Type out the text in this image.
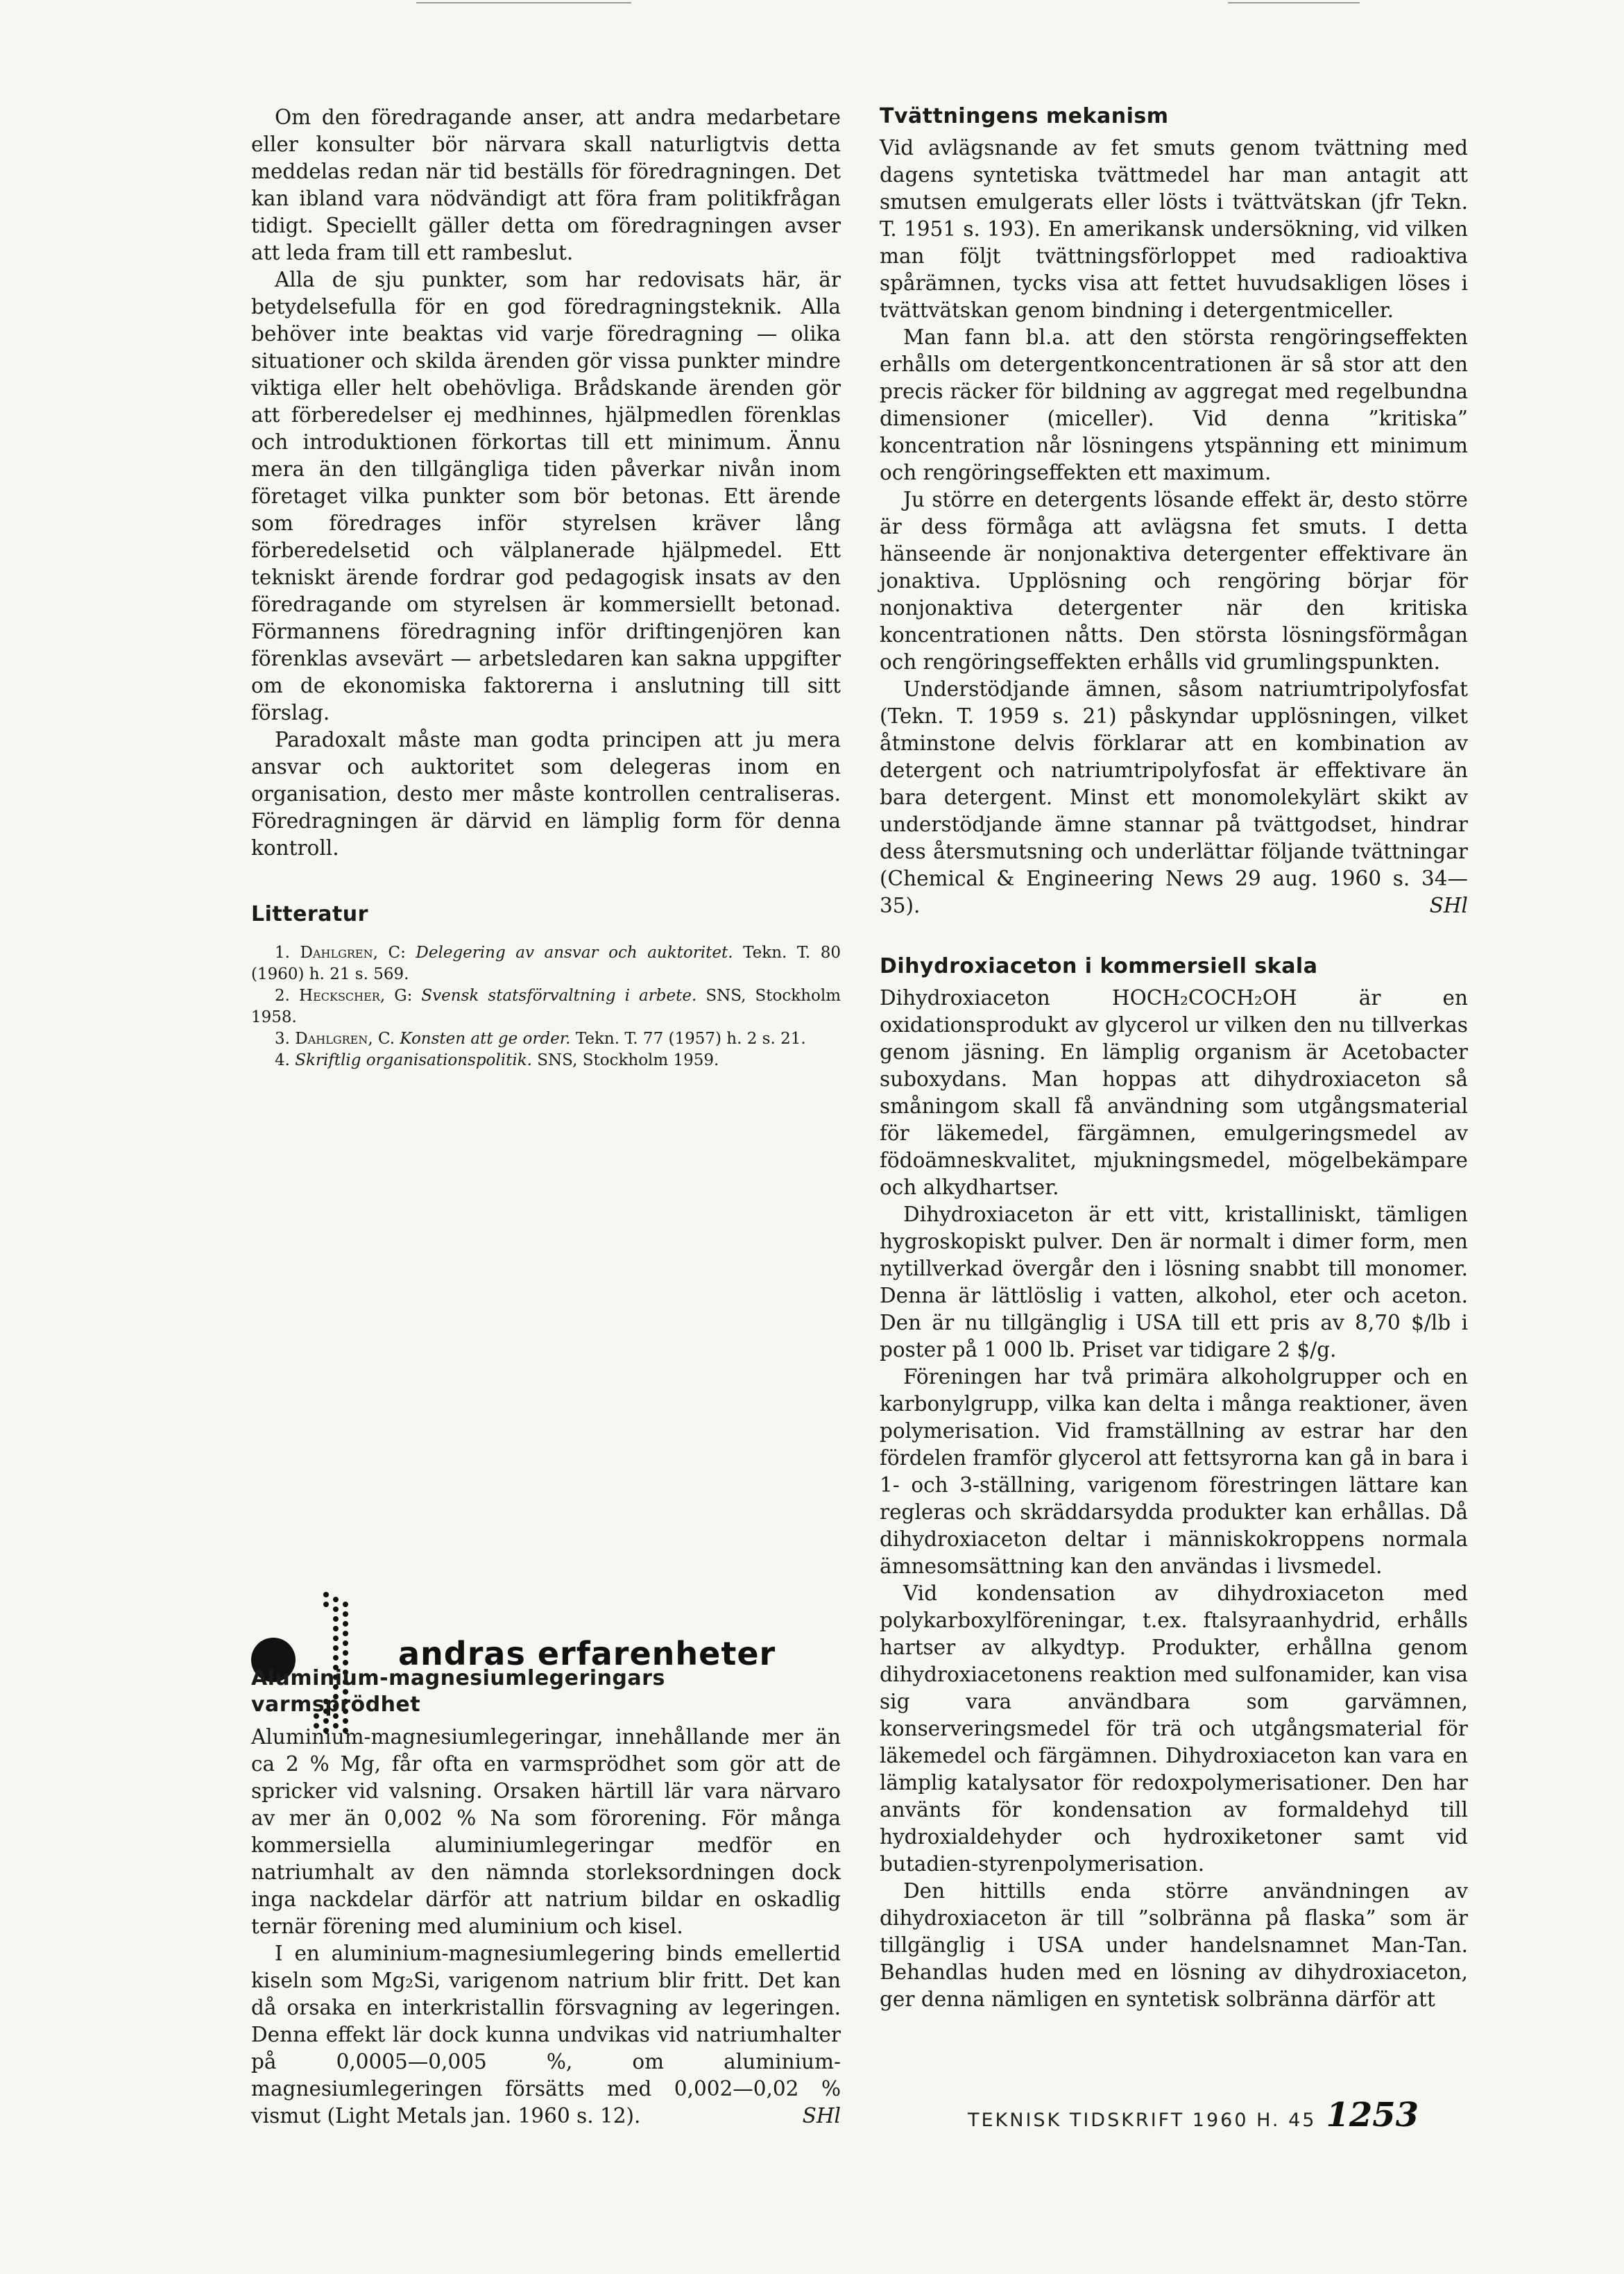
Om den föredragande anser, att andra medarbetare eller konsulter bör närvara skall naturligtvis detta meddelas redan när tid beställs för föredragningen. Det kan ibland vara nödvändigt att föra fram politikfrågan tidigt. Speciellt gäller detta om föredragningen avser att leda fram till ett rambeslut.

Alla de sju punkter, som har redovisats här, är betydelsefulla för en god föredragningsteknik. Alla behöver inte beaktas vid varje föredragning — olika situationer och skilda ärenden gör vissa punkter mindre viktiga eller helt obehövliga. Brådskande ärenden gör att förberedelser ej medhinnes, hjälpmedlen förenklas och introduktionen förkortas till ett minimum. Ännu mera än den tillgängliga tiden påverkar nivån inom företaget vilka punkter som bör betonas. Ett ärende som föredrages inför styrelsen kräver lång förberedelsetid och välplanerade hjälpmedel. Ett tekniskt ärende fordrar god pedagogisk insats av den föredragande om styrelsen är kommersiellt betonad. Förmannens föredragning inför driftingenjören kan förenklas avsevärt — arbetsledaren kan sakna uppgifter om de ekonomiska faktorerna i anslutning till sitt förslag.

Paradoxalt måste man godta principen att ju mera ansvar och auktoritet som delegeras inom en organisation, desto mer måste kontrollen centraliseras. Föredragningen är därvid en lämplig form för denna kontroll.

Litteratur

1. Dahlgren, C: Delegering av ansvar och auktoritet. Tekn. T. 80 (1960) h. 21 s. 569.

2. Heckscher, G: Svensk statsförvaltning i arbete. SNS, Stockholm 1958.

3. Dahlgren, C. Konsten att ge order. Tekn. T. 77 (1957) h. 2 s. 21.

4. Skriftlig organisationspolitik. SNS, Stockholm 1959.

andras erfarenheter
Aluminium-magnesiumlegeringars varmsprödhet

Aluminium-magnesiumlegeringar, innehållande mer än ca 2 % Mg, får ofta en varmsprödhet som gör att de spricker vid valsning. Orsaken härtill lär vara närvaro av mer än 0,002 % Na som förorening. För många kommersiella aluminiumlegeringar medför en natriumhalt av den nämnda storleksordningen dock inga nackdelar därför att natrium bildar en oskadlig ternär förening med aluminium och kisel.

I en aluminium-magnesiumlegering binds emellertid kiseln som Mg₂Si, varigenom natrium blir fritt. Det kan då orsaka en interkristallin försvagning av legeringen. Denna effekt lär dock kunna undvikas vid natriumhalter på 0,0005—0,005 %, om aluminium-magnesiumlegeringen försätts med 0,002—0,02 % vismut (Light Metals jan. 1960 s. 12).	SHl

Tvättningens mekanism

Vid avlägsnande av fet smuts genom tvättning med dagens syntetiska tvättmedel har man antagit att smutsen emulgerats eller lösts i tvättvätskan (jfr Tekn. T. 1951 s. 193). En amerikansk undersökning, vid vilken man följt tvättningsförloppet med radioaktiva spårämnen, tycks visa att fettet huvudsakligen löses i tvättvätskan genom bindning i detergentmiceller.

Man fann bl.a. att den största rengöringseffekten erhålls om detergentkoncentrationen är så stor att den precis räcker för bildning av aggregat med regelbundna dimensioner (miceller). Vid denna ”kritiska” koncentration når lösningens ytspänning ett minimum och rengöringseffekten ett maximum.

Ju större en detergents lösande effekt är, desto större är dess förmåga att avlägsna fet smuts. I detta hänseende är nonjonaktiva detergenter effektivare än jonaktiva. Upplösning och rengöring börjar för nonjonaktiva detergenter när den kritiska koncentrationen nåtts. Den största lösningsförmågan och rengöringseffekten erhålls vid grumlingspunkten.

Understödjande ämnen, såsom natriumtripolyfosfat (Tekn. T. 1959 s. 21) påskyndar upplösningen, vilket åtminstone delvis förklarar att en kombination av detergent och natriumtripolyfosfat är effektivare än bara detergent. Minst ett monomolekylärt skikt av understödjande ämne stannar på tvättgodset, hindrar dess återsmutsning och underlättar följande tvättningar (Chemical & Engineering News 29 aug. 1960 s. 34—35).	SHl

Dihydroxiaceton i kommersiell skala

Dihydroxiaceton HOCH₂COCH₂OH är en oxidationsprodukt av glycerol ur vilken den nu tillverkas genom jäsning. En lämplig organism är Acetobacter suboxydans. Man hoppas att dihydroxiaceton så småningom skall få användning som utgångsmaterial för läkemedel, färgämnen, emulgeringsmedel av födoämneskvalitet, mjukningsmedel, mögelbekämpare och alkydhartser.

Dihydroxiaceton är ett vitt, kristalliniskt, tämligen hygroskopiskt pulver. Den är normalt i dimer form, men nytillverkad övergår den i lösning snabbt till monomer. Denna är lättlöslig i vatten, alkohol, eter och aceton. Den är nu tillgänglig i USA till ett pris av 8,70 $/lb i poster på 1 000 lb. Priset var tidigare 2 $/g.

Föreningen har två primära alkoholgrupper och en karbonylgrupp, vilka kan delta i många reaktioner, även polymerisation. Vid framställning av estrar har den fördelen framför glycerol att fettsyrorna kan gå in bara i 1- och 3-ställning, varigenom förestringen lättare kan regleras och skräddarsydda produkter kan erhållas. Då dihydroxiaceton deltar i människokroppens normala ämnesomsättning kan den användas i livsmedel.

Vid kondensation av dihydroxiaceton med polykarboxylföreningar, t.ex. ftalsyraanhydrid, erhålls hartser av alkydtyp. Produkter, erhållna genom dihydroxiacetonens reaktion med sulfonamider, kan visa sig vara användbara som garvämnen, konserveringsmedel för trä och utgångsmaterial för läkemedel och färgämnen. Dihydroxiaceton kan vara en lämplig katalysator för redoxpolymerisationer. Den har använts för kondensation av formaldehyd till hydroxialdehyder och hydroxiketoner samt vid butadien-styrenpolymerisation.

Den hittills enda större användningen av dihydroxiaceton är till ”solbränna på flaska” som är tillgänglig i USA under handelsnamnet Man-Tan. Behandlas huden med en lösning av dihydroxiaceton, ger denna nämligen en syntetisk solbränna därför att

TEKNISK TIDSKRIFT 1960 H. 45 1253
